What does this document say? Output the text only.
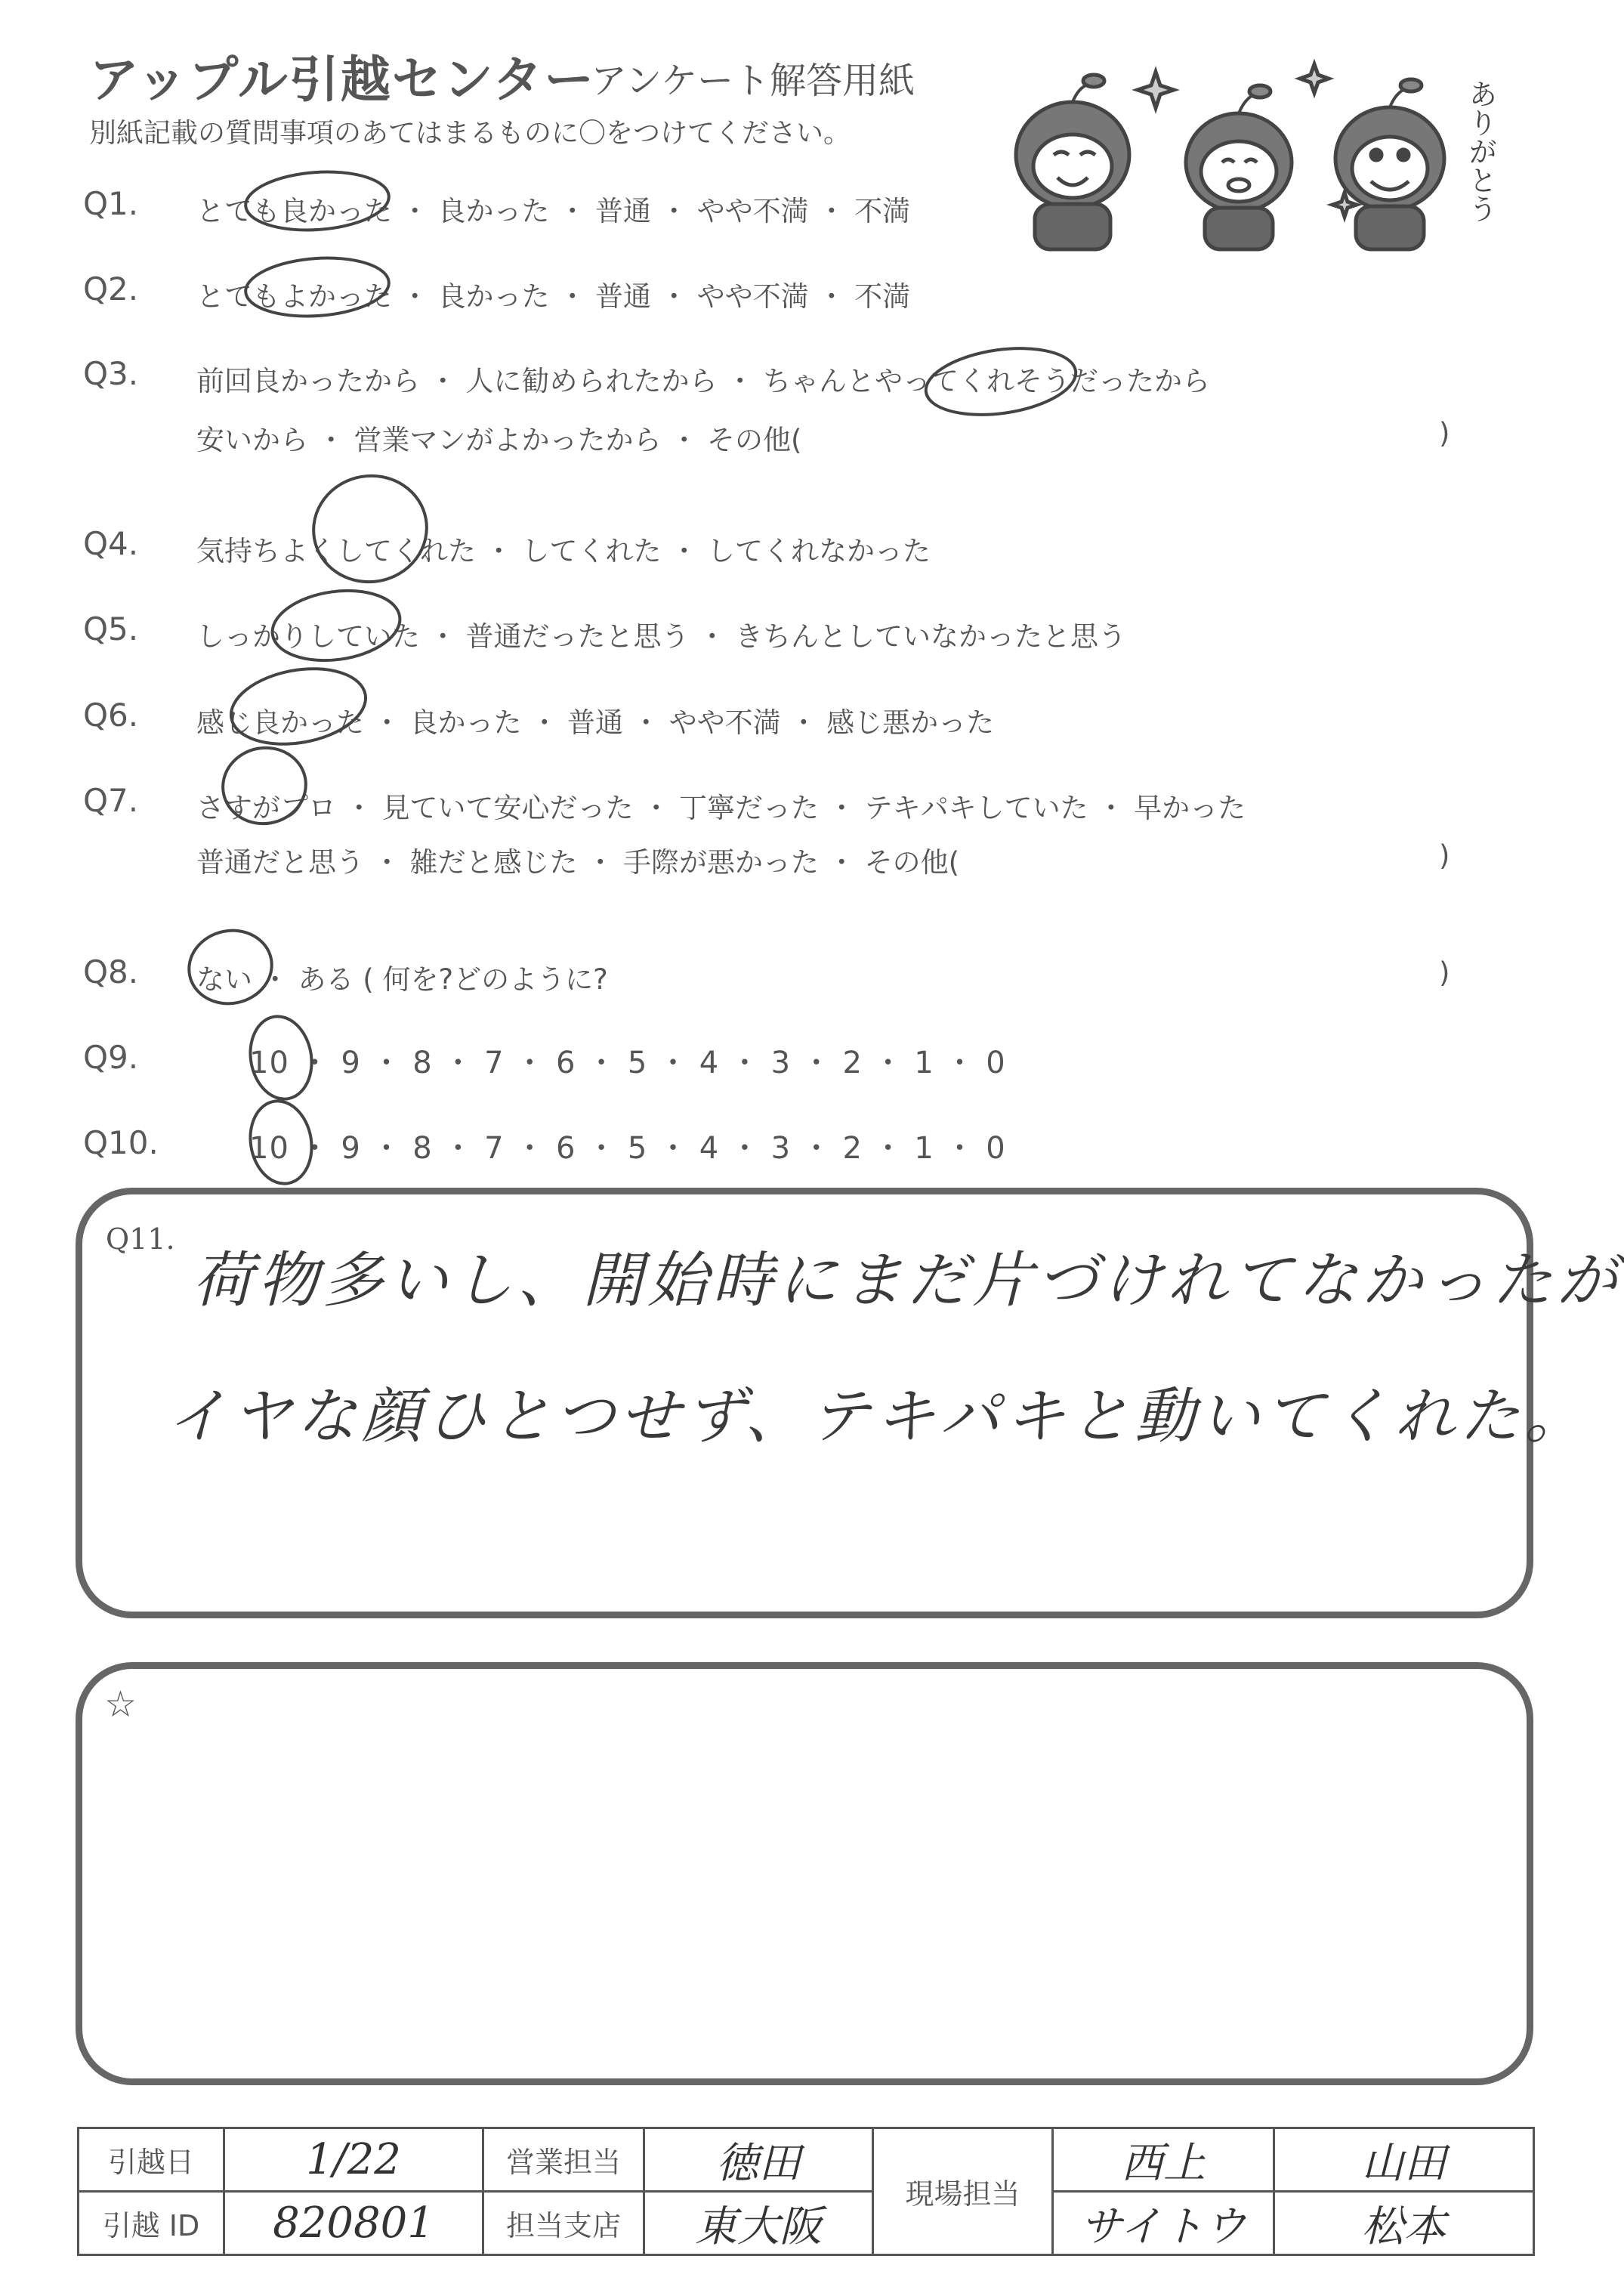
アップル引越センター
アンケート解答用紙
別紙記載の質問事項のあてはまるものに〇をつけてください。	ありがとう
Q1. とても良かった ・ 良かった ・ 普通 ・ やや不満 ・ 不満
Q2. とてもよかった ・ 良かった ・ 普通 ・ やや不満 ・ 不満
Q3. 前回良かったから ・ 人に勧められたから ・ ちゃんとやってくれそうだったから
安いから ・ 営業マンがよかったから ・ その他(	)
Q4. 気持ちよくしてくれた ・ してくれた ・ してくれなかった
Q5. しっかりしていた ・ 普通だったと思う ・ きちんとしていなかったと思う
Q6. 感じ良かった ・ 良かった ・ 普通 ・ やや不満 ・ 感じ悪かった
Q7. さすがプロ ・ 見ていて安心だった ・ 丁寧だった ・ テキパキしていた ・ 早かった
普通だと思う ・ 雑だと感じた ・ 手際が悪かった ・ その他(	)
Q8. ない ・ ある ( 何を?どのように?	)
Q9.	10 ・ 9 ・ 8 ・ 7 ・ 6 ・ 5 ・ 4 ・ 3 ・ 2 ・ 1 ・ 0
Q10.	10 ・ 9 ・ 8 ・ 7 ・ 6 ・ 5 ・ 4 ・ 3 ・ 2 ・ 1 ・ 0
Q11.
荷物多いし、開始時にまだ片づけれてなかったが
イヤな顔ひとつせず、テキパキと動いてくれた。
☆
引越日	1/22	営業担当	徳田	現場担当	西上	山田
引越 ID	820801	担当支店	東大阪		サイトウ	松本
